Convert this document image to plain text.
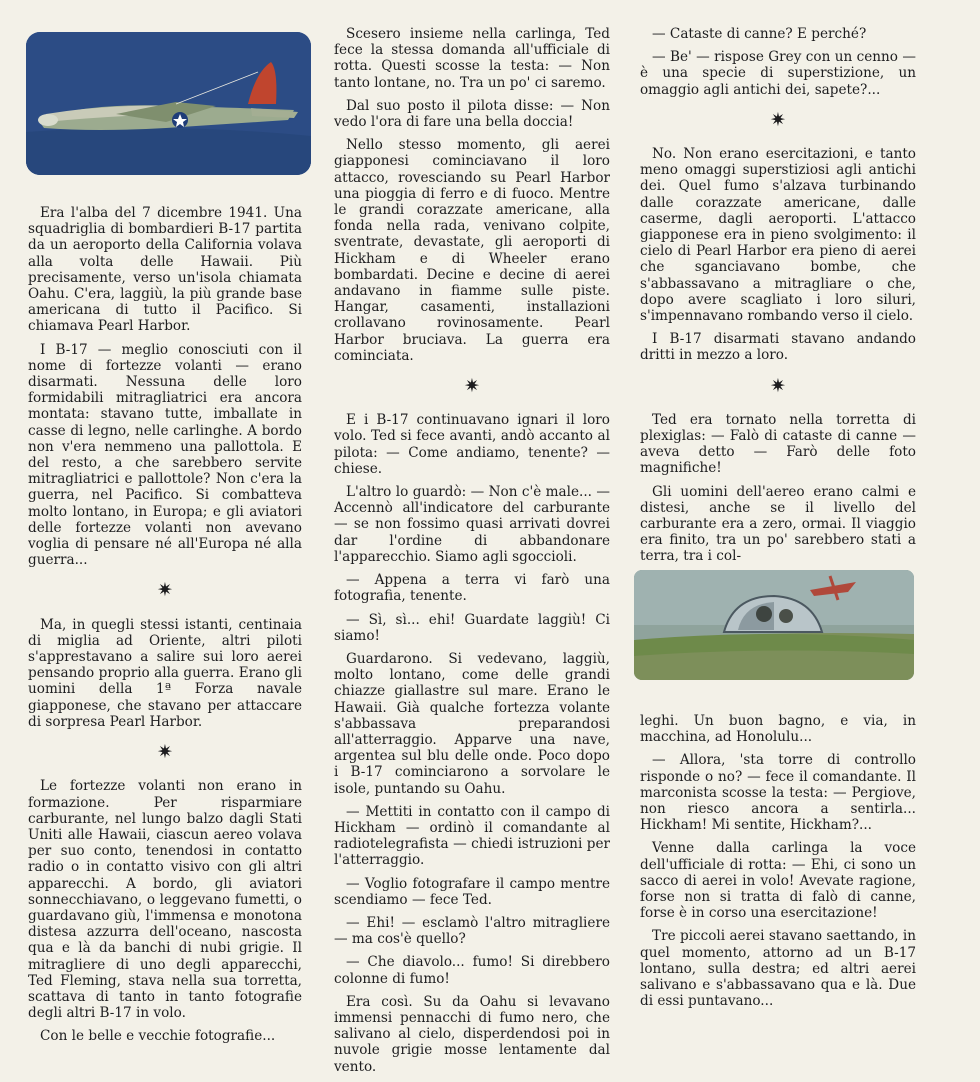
Era l'alba del 7 dicembre 1941. Una squadriglia di bombardieri B-17 partita da un aeroporto della California volava alla volta delle Hawaii. Più precisamente, verso un'isola chiamata Oahu. C'era, laggiù, la più grande base americana di tutto il Pacifico. Si chiamava Pearl Harbor.

I B-17 — meglio conosciuti con il nome di fortezze volanti — erano disarmati. Nessuna delle loro formidabili mitragliatrici era ancora montata: stavano tutte, imballate in casse di legno, nelle carlinghe. A bordo non v'era nemmeno una pallottola. E del resto, a che sarebbero servite mitragliatrici e pallottole? Non c'era la guerra, nel Pacifico. Si combatteva molto lontano, in Europa; e gli aviatori delle fortezze volanti non avevano voglia di pensare né all'Europa né alla guerra...

✷

Ma, in quegli stessi istanti, centinaia di miglia ad Oriente, altri piloti s'apprestavano a salire sui loro aerei pensando proprio alla guerra. Erano gli uomini della 1ª Forza navale giapponese, che stavano per attaccare di sorpresa Pearl Harbor.

✷

Le fortezze volanti non erano in formazione. Per risparmiare carburante, nel lungo balzo dagli Stati Uniti alle Hawaii, ciascun aereo volava per suo conto, tenendosi in contatto radio o in contatto visivo con gli altri apparecchi. A bordo, gli aviatori sonnecchiavano, o leggevano fumetti, o guardavano giù, l'immensa e monotona distesa azzurra dell'oceano, nascosta qua e là da banchi di nubi grigie. Il mitragliere di uno degli apparecchi, Ted Fleming, stava nella sua torretta, scattava di tanto in tanto fotografie degli altri B-17 in volo.

Con le belle e vecchie fotografie...

Scesero insieme nella carlinga, Ted fece la stessa domanda all'ufficiale di rotta. Questi scosse la testa: — Non tanto lontane, no. Tra un po' ci saremo.

Dal suo posto il pilota disse: — Non vedo l'ora di fare una bella doccia!

Nello stesso momento, gli aerei giapponesi cominciavano il loro attacco, rovesciando su Pearl Harbor una pioggia di ferro e di fuoco. Mentre le grandi corazzate americane, alla fonda nella rada, venivano colpite, sventrate, devastate, gli aeroporti di Hickham e di Wheeler erano bombardati. Decine e decine di aerei andavano in fiamme sulle piste. Hangar, casamenti, installazioni crollavano rovinosamente. Pearl Harbor bruciava. La guerra era cominciata.

✷

E i B-17 continuavano ignari il loro volo. Ted si fece avanti, andò accanto al pilota: — Come andiamo, tenente? — chiese.

L'altro lo guardò: — Non c'è male... — Accennò all'indicatore del carburante — se non fossimo quasi arrivati dovrei dar l'ordine di abbandonare l'apparecchio. Siamo agli sgoccioli.

— Appena a terra vi farò una fotografia, tenente.

— Sì, sì... ehi! Guardate laggiù! Ci siamo!

Guardarono. Si vedevano, laggiù, molto lontano, come delle grandi chiazze giallastre sul mare. Erano le Hawaii. Già qualche fortezza volante s'abbassava preparandosi all'atterraggio. Apparve una nave, argentea sul blu delle onde. Poco dopo i B-17 cominciarono a sorvolare le isole, puntando su Oahu.

— Mettiti in contatto con il campo di Hickham — ordinò il comandante al radiotelegrafista — chiedi istruzioni per l'atterraggio.

— Voglio fotografare il campo mentre scendiamo — fece Ted.

— Ehi! — esclamò l'altro mitragliere — ma cos'è quello?

— Che diavolo... fumo! Si direbbero colonne di fumo!

Era così. Su da Oahu si levavano immensi pennacchi di fumo nero, che salivano al cielo, disperdendosi poi in nuvole grigie mosse lentamente dal vento.

— Cataste di canne? E perché?

— Be' — rispose Grey con un cenno — è una specie di superstizione, un omaggio agli antichi dei, sapete?...

✷

No. Non erano esercitazioni, e tanto meno omaggi superstiziosi agli antichi dei. Quel fumo s'alzava turbinando dalle corazzate americane, dalle caserme, dagli aeroporti. L'attacco giapponese era in pieno svolgimento: il cielo di Pearl Harbor era pieno di aerei che sganciavano bombe, che s'abbassavano a mitragliare o che, dopo avere scagliato i loro siluri, s'impennavano rombando verso il cielo.

I B-17 disarmati stavano andando dritti in mezzo a loro.

✷

Ted era tornato nella torretta di plexiglas: — Falò di cataste di canne — aveva detto — Farò delle foto magnifiche!

Gli uomini dell'aereo erano calmi e distesi, anche se il livello del carburante era a zero, ormai. Il viaggio era finito, tra un po' sarebbero stati a terra, tra i col-

leghi. Un buon bagno, e via, in macchina, ad Honolulu...

— Allora, 'sta torre di controllo risponde o no? — fece il comandante. Il marconista scosse la testa: — Pergiove, non riesco ancora a sentirla... Hickham! Mi sentite, Hickham?...

Venne dalla carlinga la voce dell'ufficiale di rotta: — Ehi, ci sono un sacco di aerei in volo! Avevate ragione, forse non si tratta di falò di canne, forse è in corso una esercitazione!

Tre piccoli aerei stavano saettando, in quel momento, attorno ad un B-17 lontano, sulla destra; ed altri aerei salivano e s'abbassavano qua e là. Due di essi puntavano...
